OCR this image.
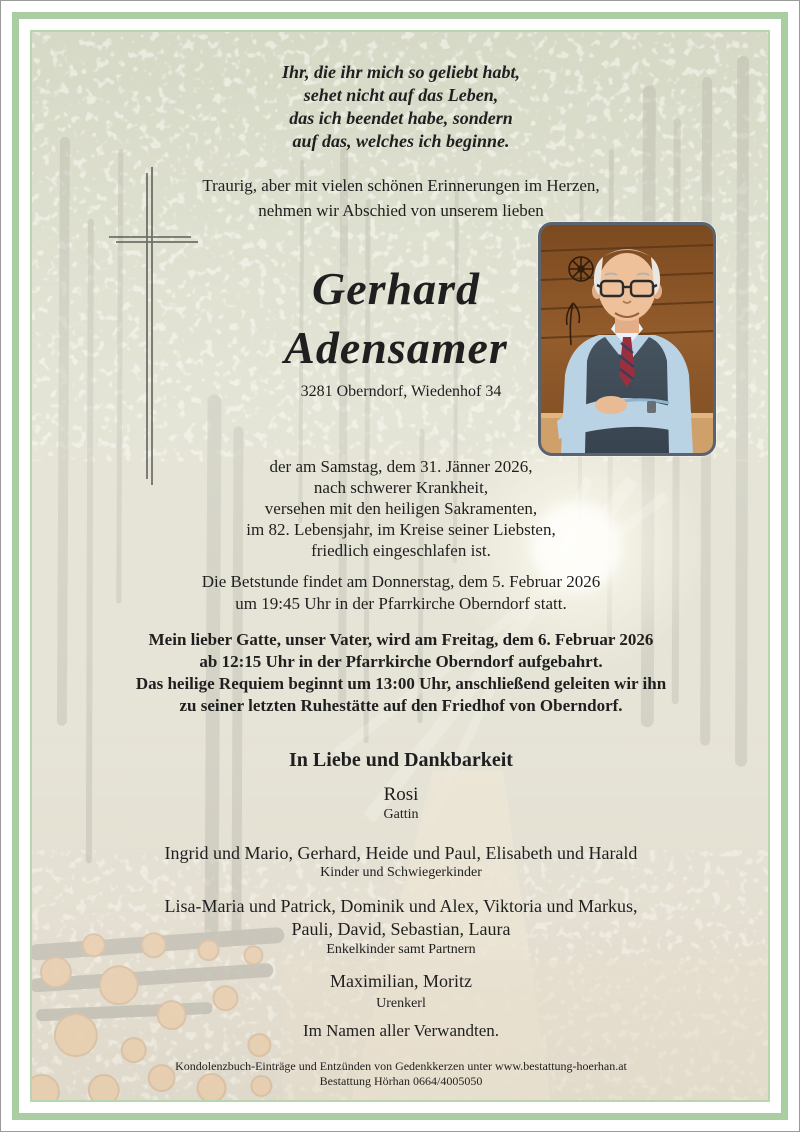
Ihr, die ihr mich so geliebt habt,
sehet nicht auf das Leben,
das ich beendet habe, sondern
auf das, welches ich beginne.
Traurig, aber mit vielen schönen Erinnerungen im Herzen,
nehmen wir Abschied von unserem lieben
Gerhard
Adensamer
3281 Oberndorf, Wiedenhof 34
der am Samstag, dem 31. Jänner 2026,
nach schwerer Krankheit,
versehen mit den heiligen Sakramenten,
im 82. Lebensjahr, im Kreise seiner Liebsten,
friedlich eingeschlafen ist.
Die Betstunde findet am Donnerstag, dem 5. Februar 2026
um 19:45 Uhr in der Pfarrkirche Oberndorf statt.
Mein lieber Gatte, unser Vater, wird am Freitag, dem 6. Februar 2026
ab 12:15 Uhr in der Pfarrkirche Oberndorf aufgebahrt.
Das heilige Requiem beginnt um 13:00 Uhr, anschließend geleiten wir ihn
zu seiner letzten Ruhestätte auf den Friedhof von Oberndorf.
In Liebe und Dankbarkeit
Rosi
Gattin
Ingrid und Mario, Gerhard, Heide und Paul, Elisabeth und Harald
Kinder und Schwiegerkinder
Lisa-Maria und Patrick, Dominik und Alex, Viktoria und Markus,
Pauli, David, Sebastian, Laura
Enkelkinder samt Partnern
Maximilian, Moritz
Urenkerl
Im Namen aller Verwandten.
Kondolenzbuch-Einträge und Entzünden von Gedenkkerzen unter www.bestattung-hoerhan.at
Bestattung Hörhan 0664/4005050
